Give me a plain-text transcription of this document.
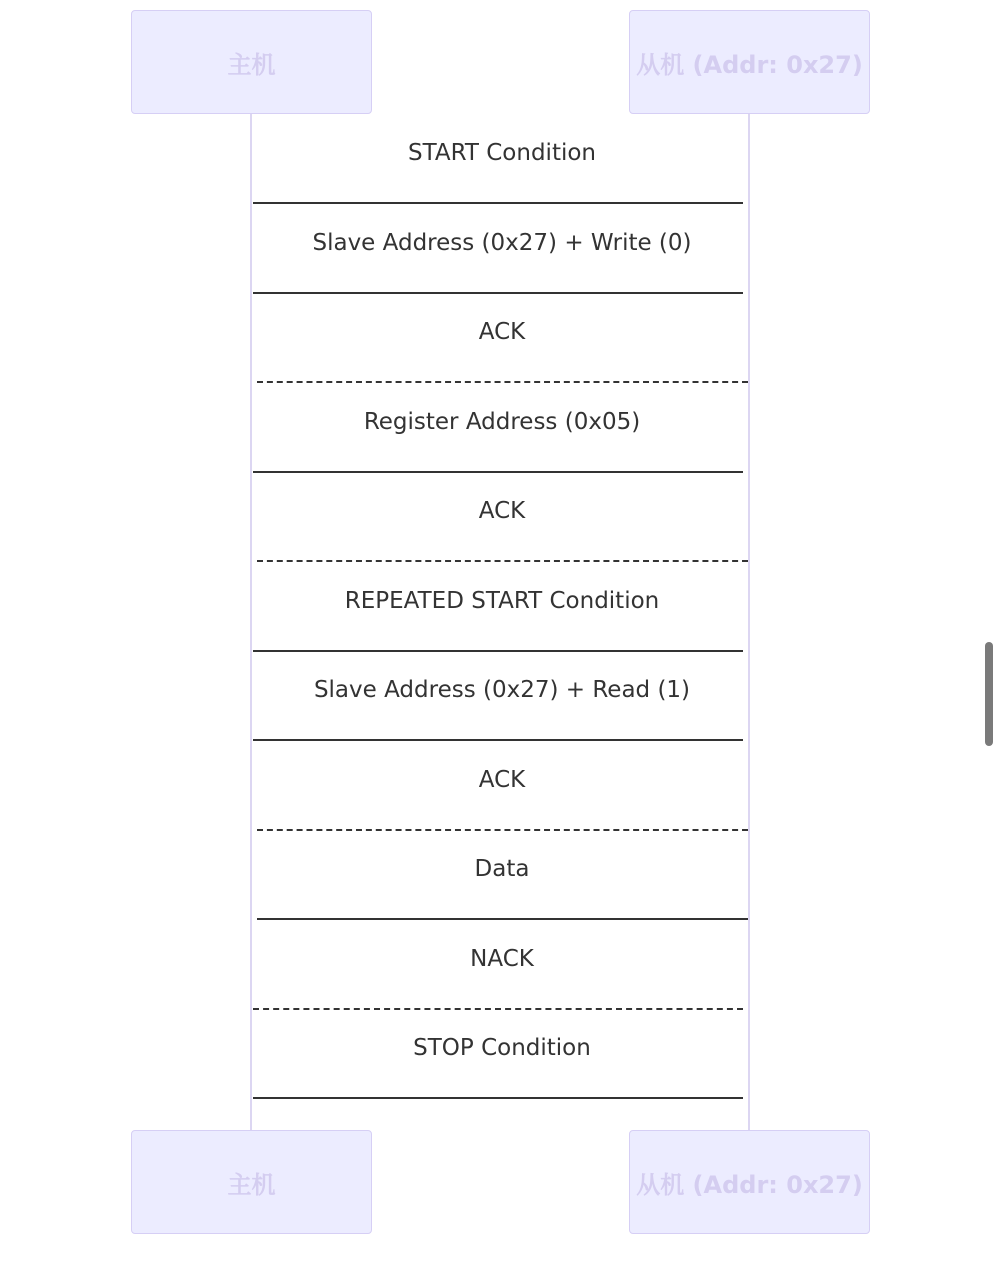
主机	从机 (Addr: 0x27)
START Condition
Slave Address (0x27) + Write (0)
ACK
Register Address (0x05)
ACK
REPEATED START Condition
Slave Address (0x27) + Read (1)
ACK
Data
NACK
STOP Condition
主机	从机 (Addr: 0x27)
